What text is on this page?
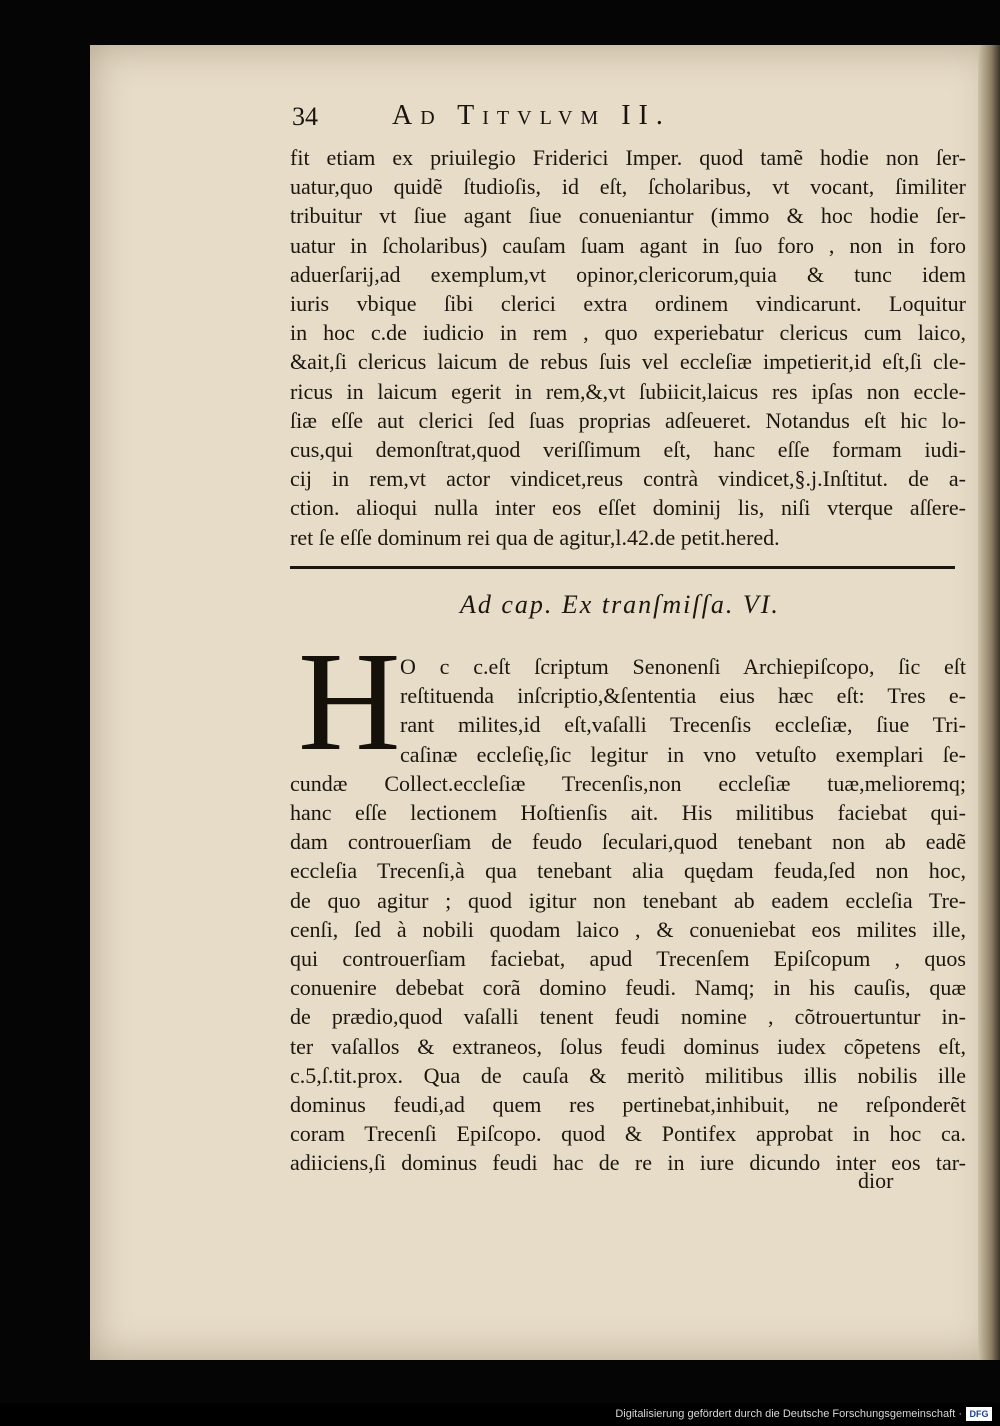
34	Ad Titvlvm II.
fit etiam ex priuilegio Friderici Imper. quod tamẽ hodie non ſer-
uatur,quo quidẽ ſtudioſis, id eſt, ſcholaribus, vt vocant, ſimiliter
tribuitur vt ſiue agant ſiue conueniantur (immo & hoc hodie ſer-
uatur in ſcholaribus) cauſam ſuam agant in ſuo foro , non in foro
aduerſarij,ad exemplum,vt opinor,clericorum,quia & tunc idem
iuris vbique ſibi clerici extra ordinem vindicarunt. Loquitur
in hoc c.de iudicio in rem , quo experiebatur clericus cum laico,
&ait,ſi clericus laicum de rebus ſuis vel eccleſiæ impetierit,id eſt,ſi cle-
ricus in laicum egerit in rem,&,vt ſubiicit,laicus res ipſas non eccle-
ſiæ eſſe aut clerici ſed ſuas proprias adſeueret. Notandus eſt hic lo-
cus,qui demonſtrat,quod veriſſimum eſt, hanc eſſe formam iudi-
cij in rem,vt actor vindicet,reus contrà vindicet,§.j.Inſtitut. de a-
ction. alioqui nulla inter eos eſſet dominij lis, niſi vterque aſſere-
ret ſe eſſe dominum rei qua de agitur,l.42.de petit.hered.
Ad cap. Ex tranſmiſſa. VI.
H O c c.eſt ſcriptum Senonenſi Archiepiſcopo, ſic eſt
reſtituenda inſcriptio,&ſententia eius hæc eſt: Tres e-
rant milites,id eſt,vaſalli Trecenſis eccleſiæ, ſiue Tri-
caſinæ eccleſię,ſic legitur in vno vetuſto exemplari ſe-
cundæ Collect.eccleſiæ Trecenſis,non eccleſiæ tuæ,melioremq;
hanc eſſe lectionem Hoſtienſis ait. His militibus faciebat qui-
dam controuerſiam de feudo ſeculari,quod tenebant non ab eadẽ
eccleſia Trecenſi,à qua tenebant alia quędam feuda,ſed non hoc,
de quo agitur ; quod igitur non tenebant ab eadem eccleſia Tre-
cenſi, ſed à nobili quodam laico , & conueniebat eos milites ille,
qui controuerſiam faciebat, apud Trecenſem Epiſcopum , quos
conuenire debebat corã domino feudi. Namq; in his cauſis, quæ
de prædio,quod vaſalli tenent feudi nomine , cõtrouertuntur in-
ter vaſallos & extraneos, ſolus feudi dominus iudex cõpetens eſt,
c.5,ſ.tit.prox. Qua de cauſa & meritò militibus illis nobilis ille
dominus feudi,ad quem res pertinebat,inhibuit, ne reſponderẽt
coram Trecenſi Epiſcopo. quod & Pontifex approbat in hoc ca.
adiiciens,ſi dominus feudi hac de re in iure dicundo inter eos tar-
dior
Digitalisierung gefördert durch die Deutsche Forschungsgemeinschaft · DFG
